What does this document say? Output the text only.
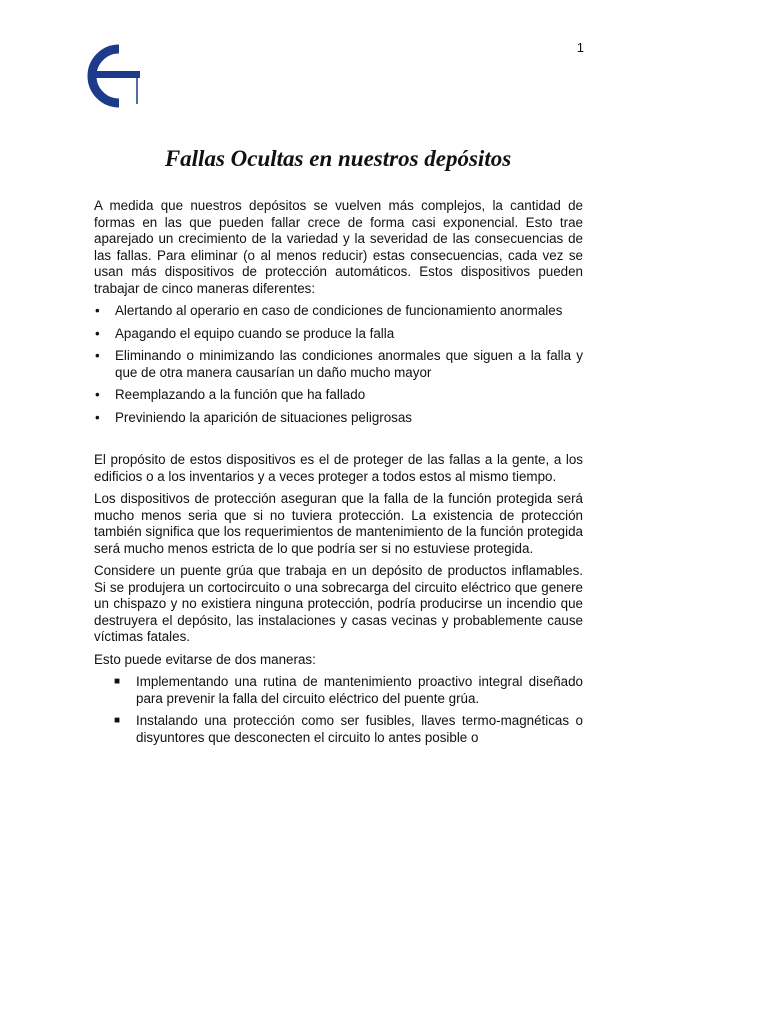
1
Fallas Ocultas en nuestros depósitos

A medida que nuestros depósitos se vuelven más complejos, la cantidad de formas en las que pueden fallar crece de forma casi exponencial. Esto trae aparejado un crecimiento de la variedad y la severidad de las consecuencias de las fallas. Para eliminar (o al menos reducir) estas consecuencias, cada vez se usan más dispositivos de protección automáticos. Estos dispositivos pueden trabajar de cinco maneras diferentes:

•	Alertando al operario en caso de condiciones de funcionamiento anormales
•	Apagando el equipo cuando se produce la falla
•	Eliminando o minimizando las condiciones anormales que siguen a la falla y que de otra manera causarían un daño mucho mayor
•	Reemplazando a la función que ha fallado
•	Previniendo la aparición de situaciones peligrosas

El propósito de estos dispositivos es el de proteger de las fallas a la gente, a los edificios o a los inventarios y a veces proteger a todos estos al mismo tiempo.

Los dispositivos de protección aseguran que la falla de la función protegida será mucho menos seria que si no tuviera protección. La existencia de protección también significa que los requerimientos de mantenimiento de la función protegida será mucho menos estricta de lo que podría ser si no estuviese protegida.

Considere un puente grúa que trabaja en un depósito de productos inflamables. Si se produjera un cortocircuito o una sobrecarga del circuito eléctrico que genere un chispazo y no existiera ninguna protección, podría producirse un incendio que destruyera el depósito, las instalaciones y casas vecinas y probablemente cause víctimas fatales.

Esto puede evitarse de dos maneras:

■	Implementando una rutina de mantenimiento proactivo integral diseñado para prevenir la falla del circuito eléctrico del puente grúa.
■	Instalando una protección como ser fusibles, llaves termo-magnéticas o disyuntores que desconecten el circuito lo antes posible o
